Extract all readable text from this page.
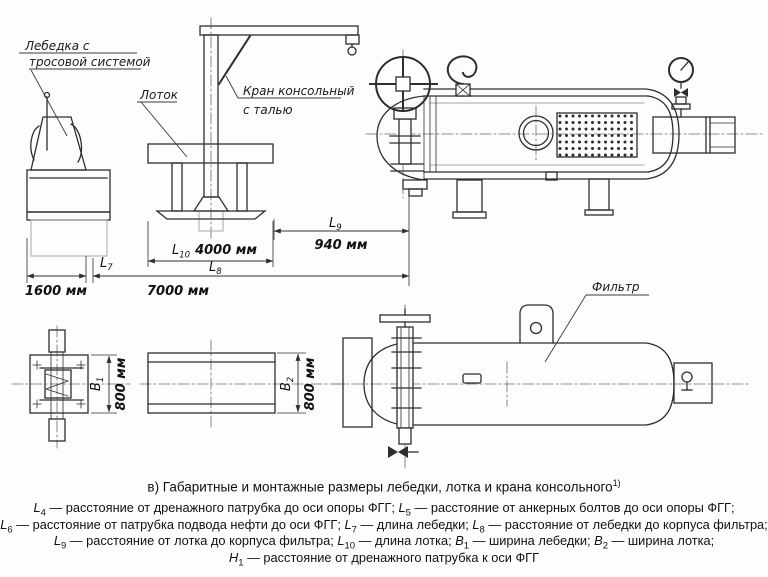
Лебедка с
тросовой системой
Лоток	Кран консольный
с талью
$L_9$
940 мм
$L_{10}$ 4000 мм
$L_8$
7000 мм
$L_7$
1600 мм
$B_1$ 800 мм	$B_2$ 800 мм
Фильтр
в) Габаритные и монтажные размеры лебедки, лотка и крана консольного$^{1)}$
$L_4$ — расстояние от дренажного патрубка до оси опоры ФГГ; $L_5$ — расстояние от анкерных болтов до оси опоры ФГГ;
$L_6$ — расстояние от патрубка подвода нефти до оси ФГГ; $L_7$ — длина лебедки; $L_8$ — расстояние от лебедки до корпуса фильтра;
$L_9$ — расстояние от лотка до корпуса фильтра; $L_{10}$ — длина лотка; $B_1$ — ширина лебедки; $B_2$ — ширина лотка;
$H_1$ — расстояние от дренажного патрубка к оси ФГГ
